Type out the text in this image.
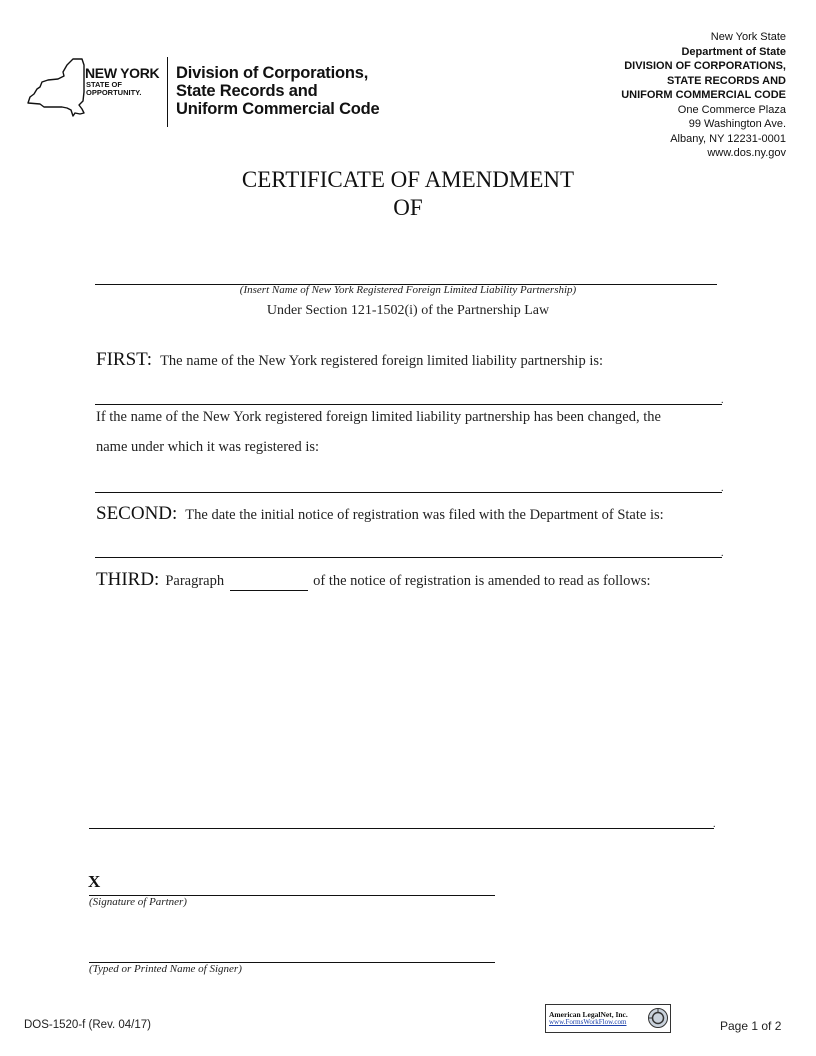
NEW YORK
STATE OF
OPPORTUNITY.
Division of Corporations,
State Records and
Uniform Commercial Code
New York State
Department of State
DIVISION OF CORPORATIONS,
STATE RECORDS AND
UNIFORM COMMERCIAL CODE
One Commerce Plaza
99 Washington Ave.
Albany, NY 12231-0001
www.dos.ny.gov
CERTIFICATE OF AMENDMENT
OF
(Insert Name of New York Registered Foreign Limited Liability Partnership)
Under Section 121-1502(i) of the Partnership Law
FIRST: The name of the New York registered foreign limited liability partnership is:
.
If the name of the New York registered foreign limited liability partnership has been changed, the
name under which it was registered is:
.
SECOND: The date the initial notice of registration was filed with the Department of State is:
.
THIRD: Paragraph	of the notice of registration is amended to read as follows:
.
X
(Signature of Partner)
(Typed or Printed Name of Signer)
DOS-1520-f (Rev. 04/17)
American LegalNet, Inc.
www.FormsWorkFlow.com	Page 1 of 2
